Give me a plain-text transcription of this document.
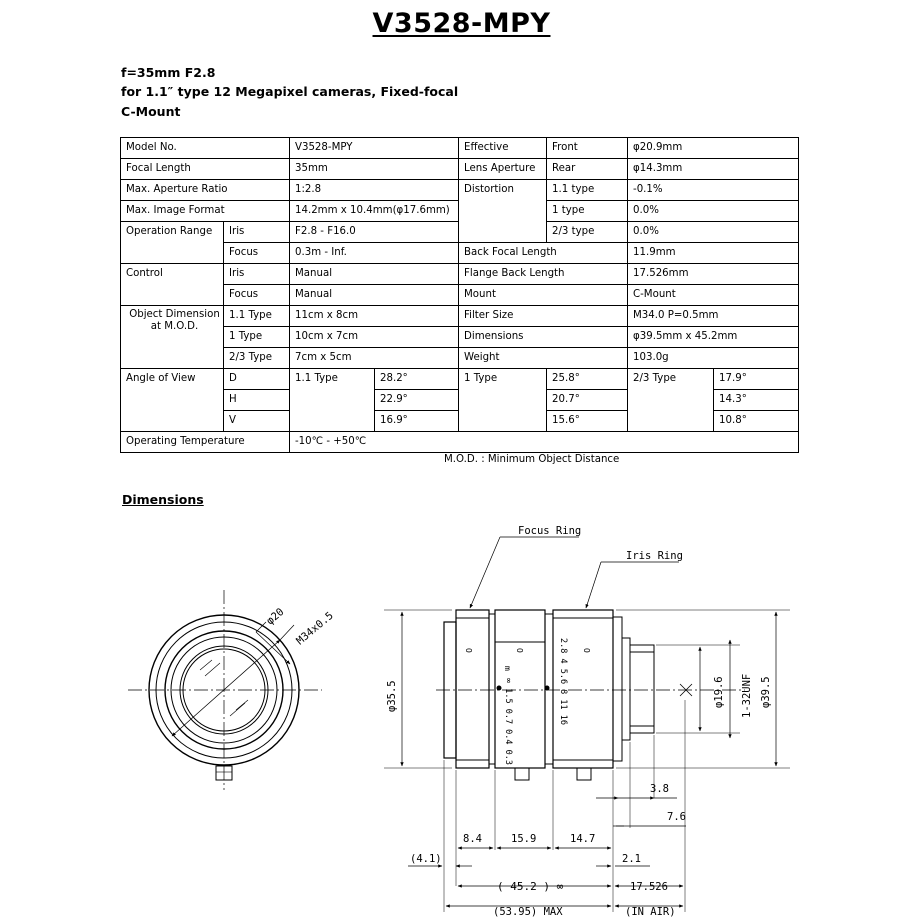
V3528-MPY
f=35mm F2.8
for 1.1″ type 12 Megapixel cameras, Fixed-focal
C-Mount
Model No.		V3528-MPY		Effective	Front	φ20.9mm	
Focal Length		35mm		Lens Aperture	Rear	φ14.3mm	
Max. Aperture Ratio		1:2.8		Distortion	1.1 type	-0.1%	
Max. Image Format		14.2mm x 10.4mm(φ17.6mm)			1 type	0.0%	
Operation Range	Iris	F2.8 - F16.0			2/3 type	0.0%	
	Focus	0.3m - Inf.		Back Focal Length		11.9mm	
Control	Iris	Manual		Flange Back Length		17.526mm	
	Focus	Manual		Mount		C-Mount	
Object Dimension
at M.O.D.	1.1 Type	11cm x 8cm		Filter Size		M34.0 P=0.5mm	
	1 Type	10cm x 7cm		Dimensions		φ39.5mm x 45.2mm	
	2/3 Type	7cm x 5cm		Weight		103.0g	
Angle of View	D	1.1 Type	28.2°	1 Type	25.8°	2/3 Type	17.9°
	H		22.9°		20.7°		14.3°
	V		16.9°		15.6°		10.8°
Operating Temperature		-10℃ - +50℃					
M.O.D. : Minimum Object Distance
Dimensions
Focus Ring
Iris Ring
φ20 M34x0.5
φ35.5	φ19.6 1-32UNF φ39.5
3.8
7.6
8.4	15.9	14.7
(4.1)	2.1
( 45.2 ) ∞	17.526
(53.95) MAX	(IN AIR)
2.8 4 5.6 8 11 16
∞ 1.5 0.7 0.4 0.3
O	O
m
O
